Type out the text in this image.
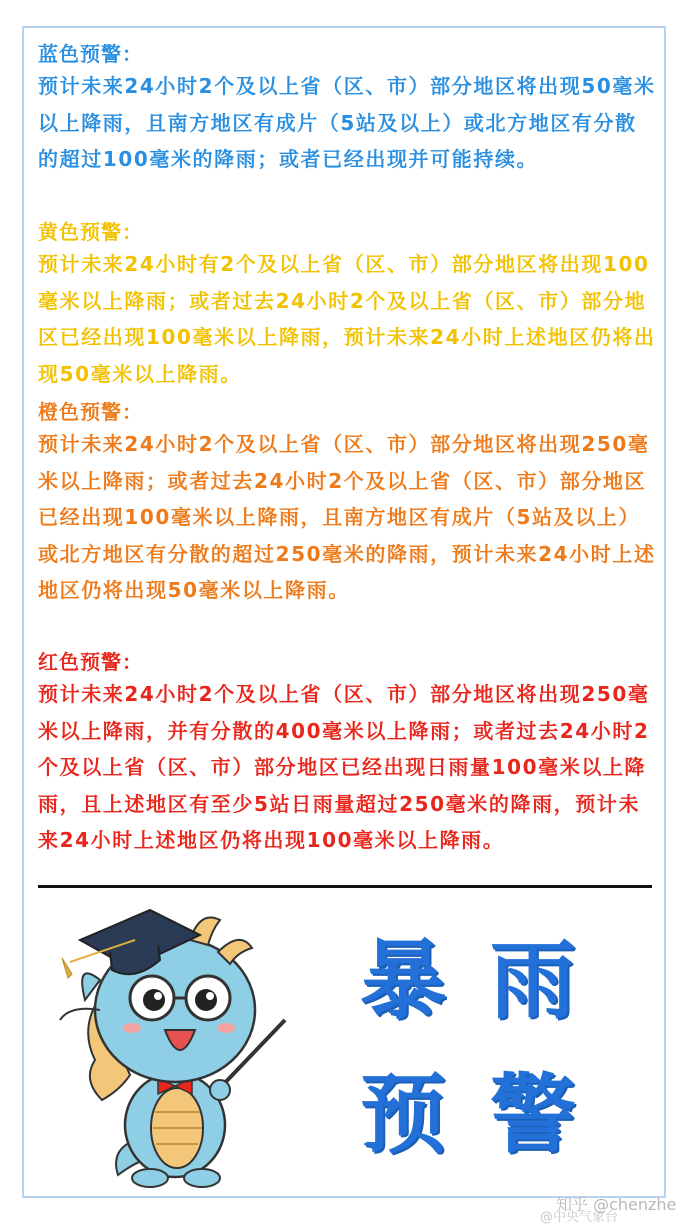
蓝色预警：
预计未来24小时2个及以上省（区、市）部分地区将出现50毫米以上降雨，且南方地区有成片（5站及以上）或北方地区有分散的超过100毫米的降雨；或者已经出现并可能持续。
黄色预警：
预计未来24小时有2个及以上省（区、市）部分地区将出现100毫米以上降雨；或者过去24小时2个及以上省（区、市）部分地区已经出现100毫米以上降雨，预计未来24小时上述地区仍将出现50毫米以上降雨。
橙色预警：
预计未来24小时2个及以上省（区、市）部分地区将出现250毫米以上降雨；或者过去24小时2个及以上省（区、市）部分地区已经出现100毫米以上降雨，且南方地区有成片（5站及以上）或北方地区有分散的超过250毫米的降雨，预计未来24小时上述地区仍将出现50毫米以上降雨。
红色预警：
预计未来24小时2个及以上省（区、市）部分地区将出现250毫米以上降雨，并有分散的400毫米以上降雨；或者过去24小时2个及以上省（区、市）部分地区已经出现日雨量100毫米以上降雨，且上述地区有至少5站日雨量超过250毫米的降雨，预计未来24小时上述地区仍将出现100毫米以上降雨。
暴 雨
预 警
知乎 @chenzhe
@中央气象台
